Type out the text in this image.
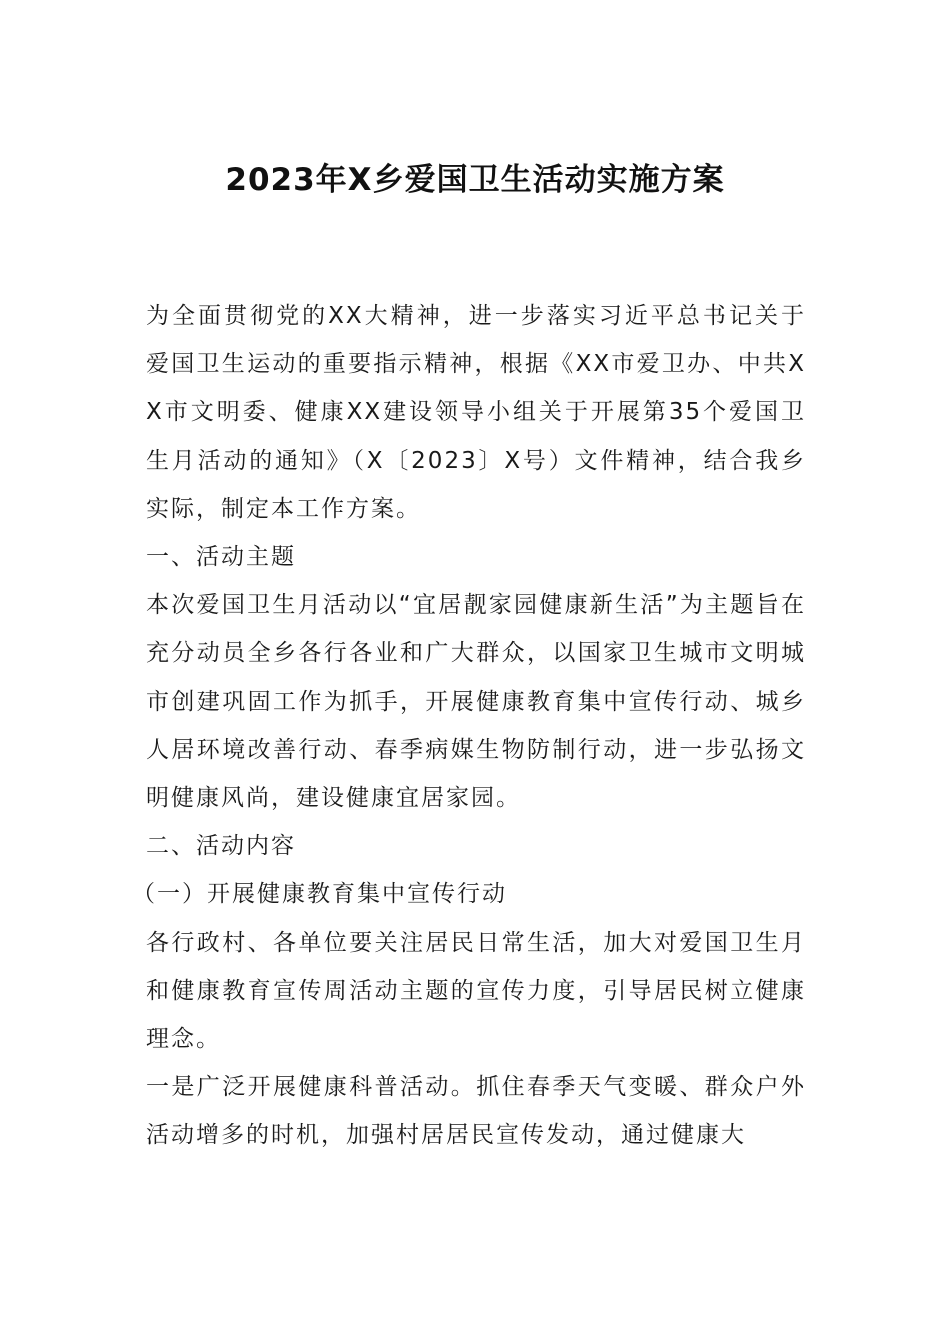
2023年X乡爱国卫生活动实施方案

为全面贯彻党的XX大精神，进一步落实习近平总书记关于爱国卫生运动的重要指示精神，根据《XX市爱卫办、中共XX市文明委、健康XX建设领导小组关于开展第35个爱国卫生月活动的通知》（X〔2023〕X号）文件精神，结合我乡实际，制定本工作方案。

一、活动主题

本次爱国卫生月活动以“宜居靓家园健康新生活”为主题旨在充分动员全乡各行各业和广大群众，以国家卫生城市文明城市创建巩固工作为抓手，开展健康教育集中宣传行动、城乡人居环境改善行动、春季病媒生物防制行动，进一步弘扬文明健康风尚，建设健康宜居家园。

二、活动内容

（一）开展健康教育集中宣传行动

各行政村、各单位要关注居民日常生活，加大对爱国卫生月和健康教育宣传周活动主题的宣传力度，引导居民树立健康理念。

一是广泛开展健康科普活动。抓住春季天气变暖、群众户外活动增多的时机，加强村居居民宣传发动，通过健康大
